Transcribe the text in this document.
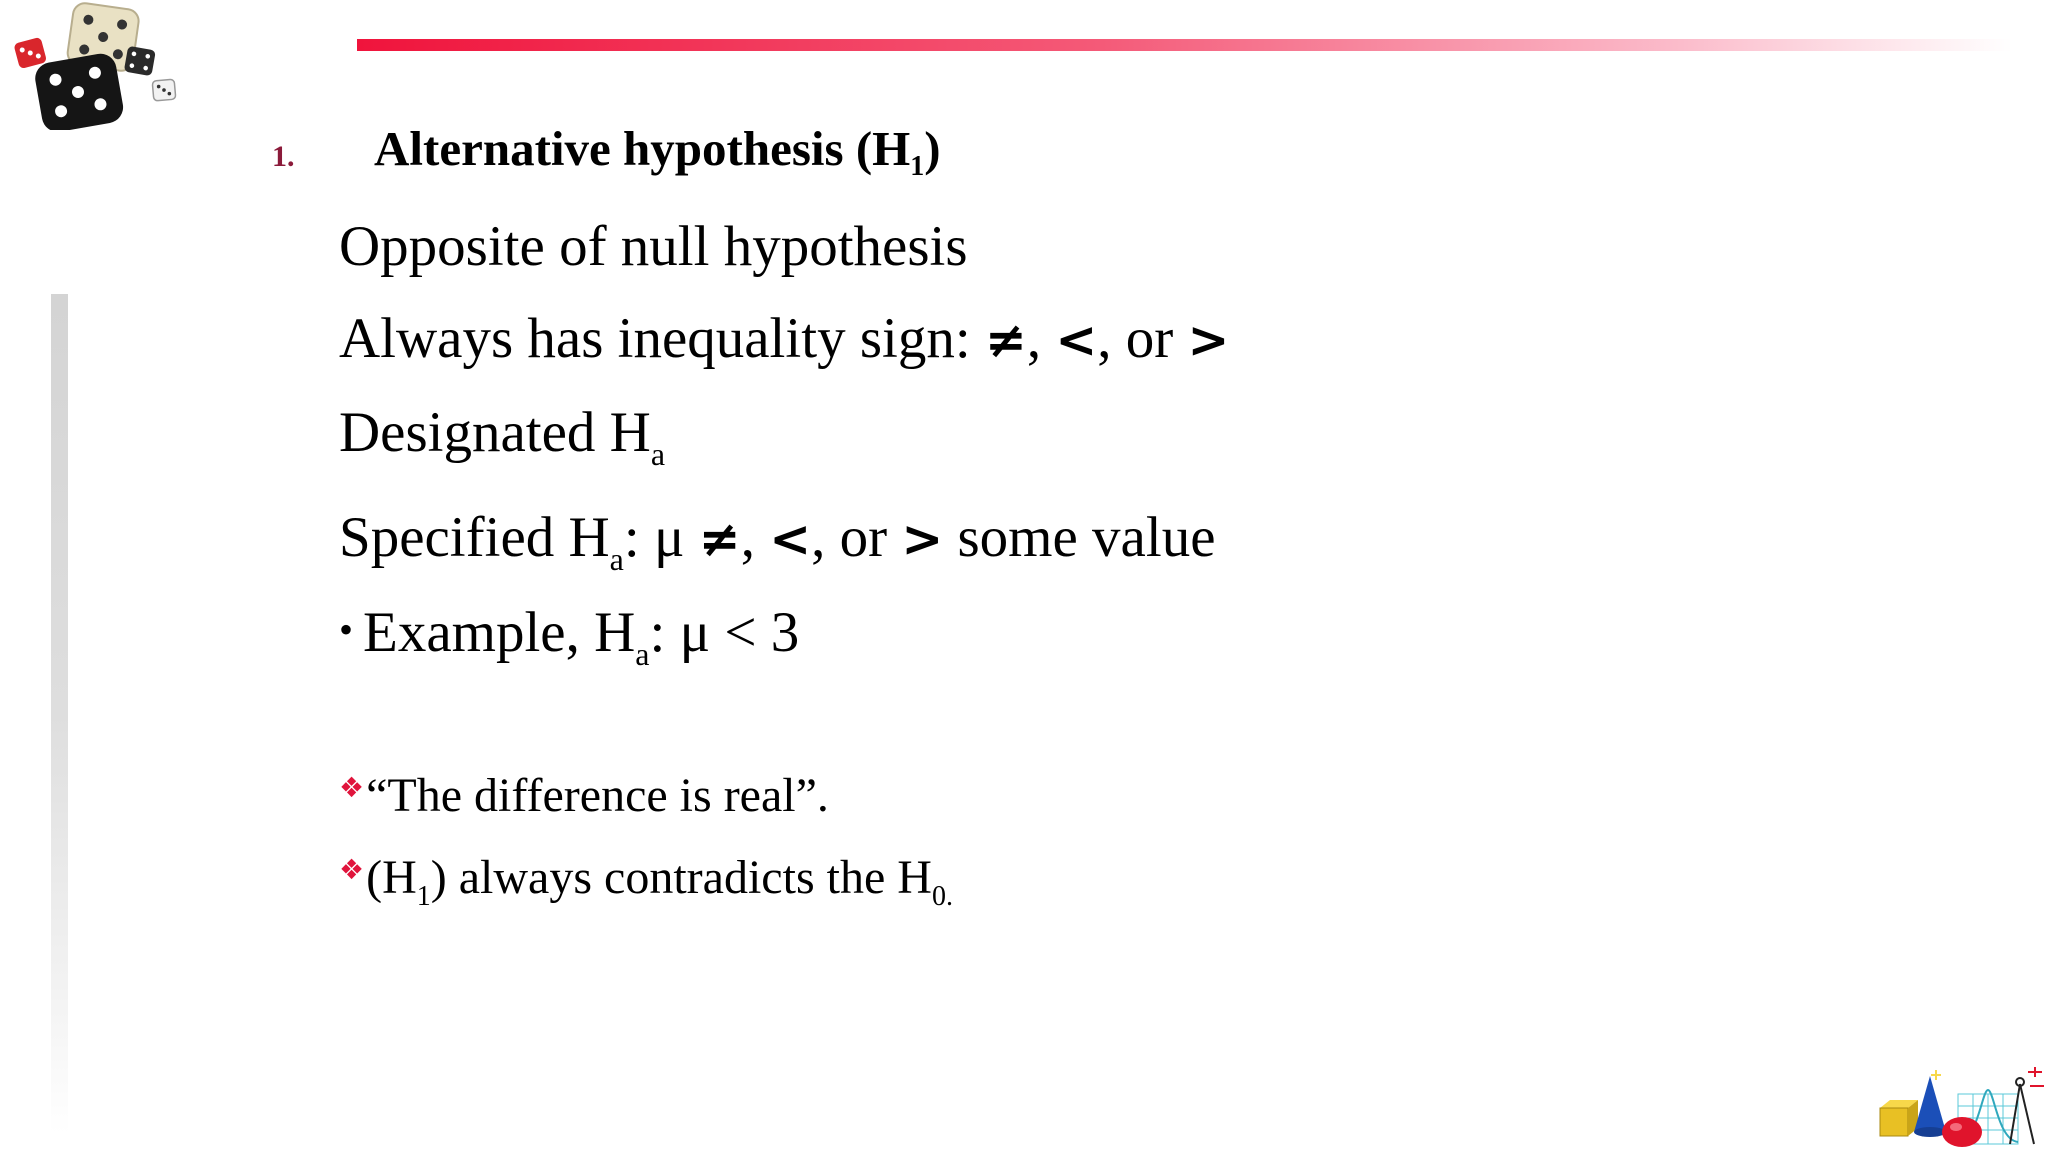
1. Alternative hypothesis $(H_1)$
Opposite of null hypothesis
Always has inequality sign: ≠, <, or >
Designated $H_a$
Specified $H_a$: μ ≠, <, or > some value
• Example, $H_a$: μ < 3
❖“The difference is real”.
$^❖(H_1)$ always contradicts the $H_{0.}$
